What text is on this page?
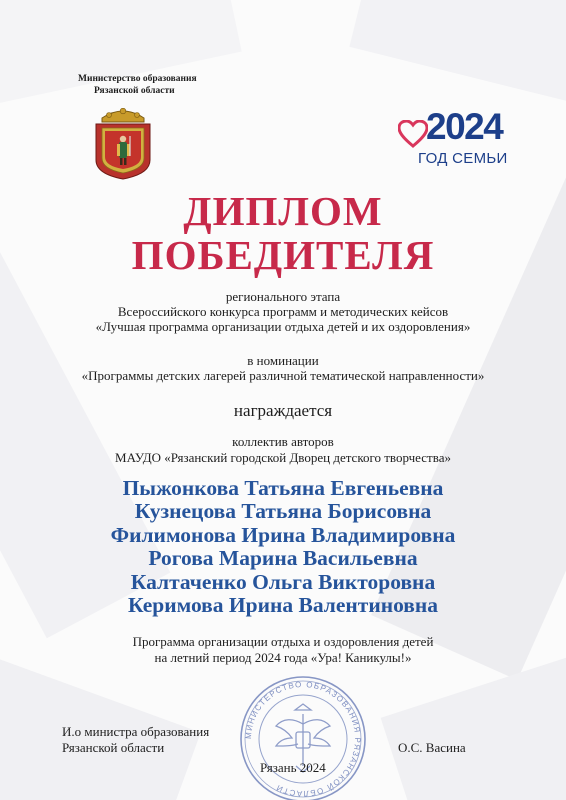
Министерство образования
Рязанской области
2024
ГОД СЕМЬИ
ДИПЛОМ
ПОБЕДИТЕЛЯ
регионального этапа
Всероссийского конкурса программ и методических кейсов
«Лучшая программа организации отдыха детей и их оздоровления»
в номинации
«Программы детских лагерей различной тематической направленности»
награждается
коллектив авторов
МАУДО «Рязанский городской Дворец детского творчества»
Пыжонкова Татьяна Евгеньевна
Кузнецова Татьяна Борисовна
Филимонова Ирина Владимировна
Рогова Марина Васильевна
Калтаченко Ольга Викторовна
Керимова Ирина Валентиновна
Программа организации отдыха и оздоровления детей
на летний период 2024 года «Ура! Каникулы!»
МИНИСТЕРСТВО ОБРАЗОВАНИЯ РЯЗАНСКОЙ ОБЛАСТИ
И.о министра образования
Рязанской области	О.С. Васина
Рязань 2024
